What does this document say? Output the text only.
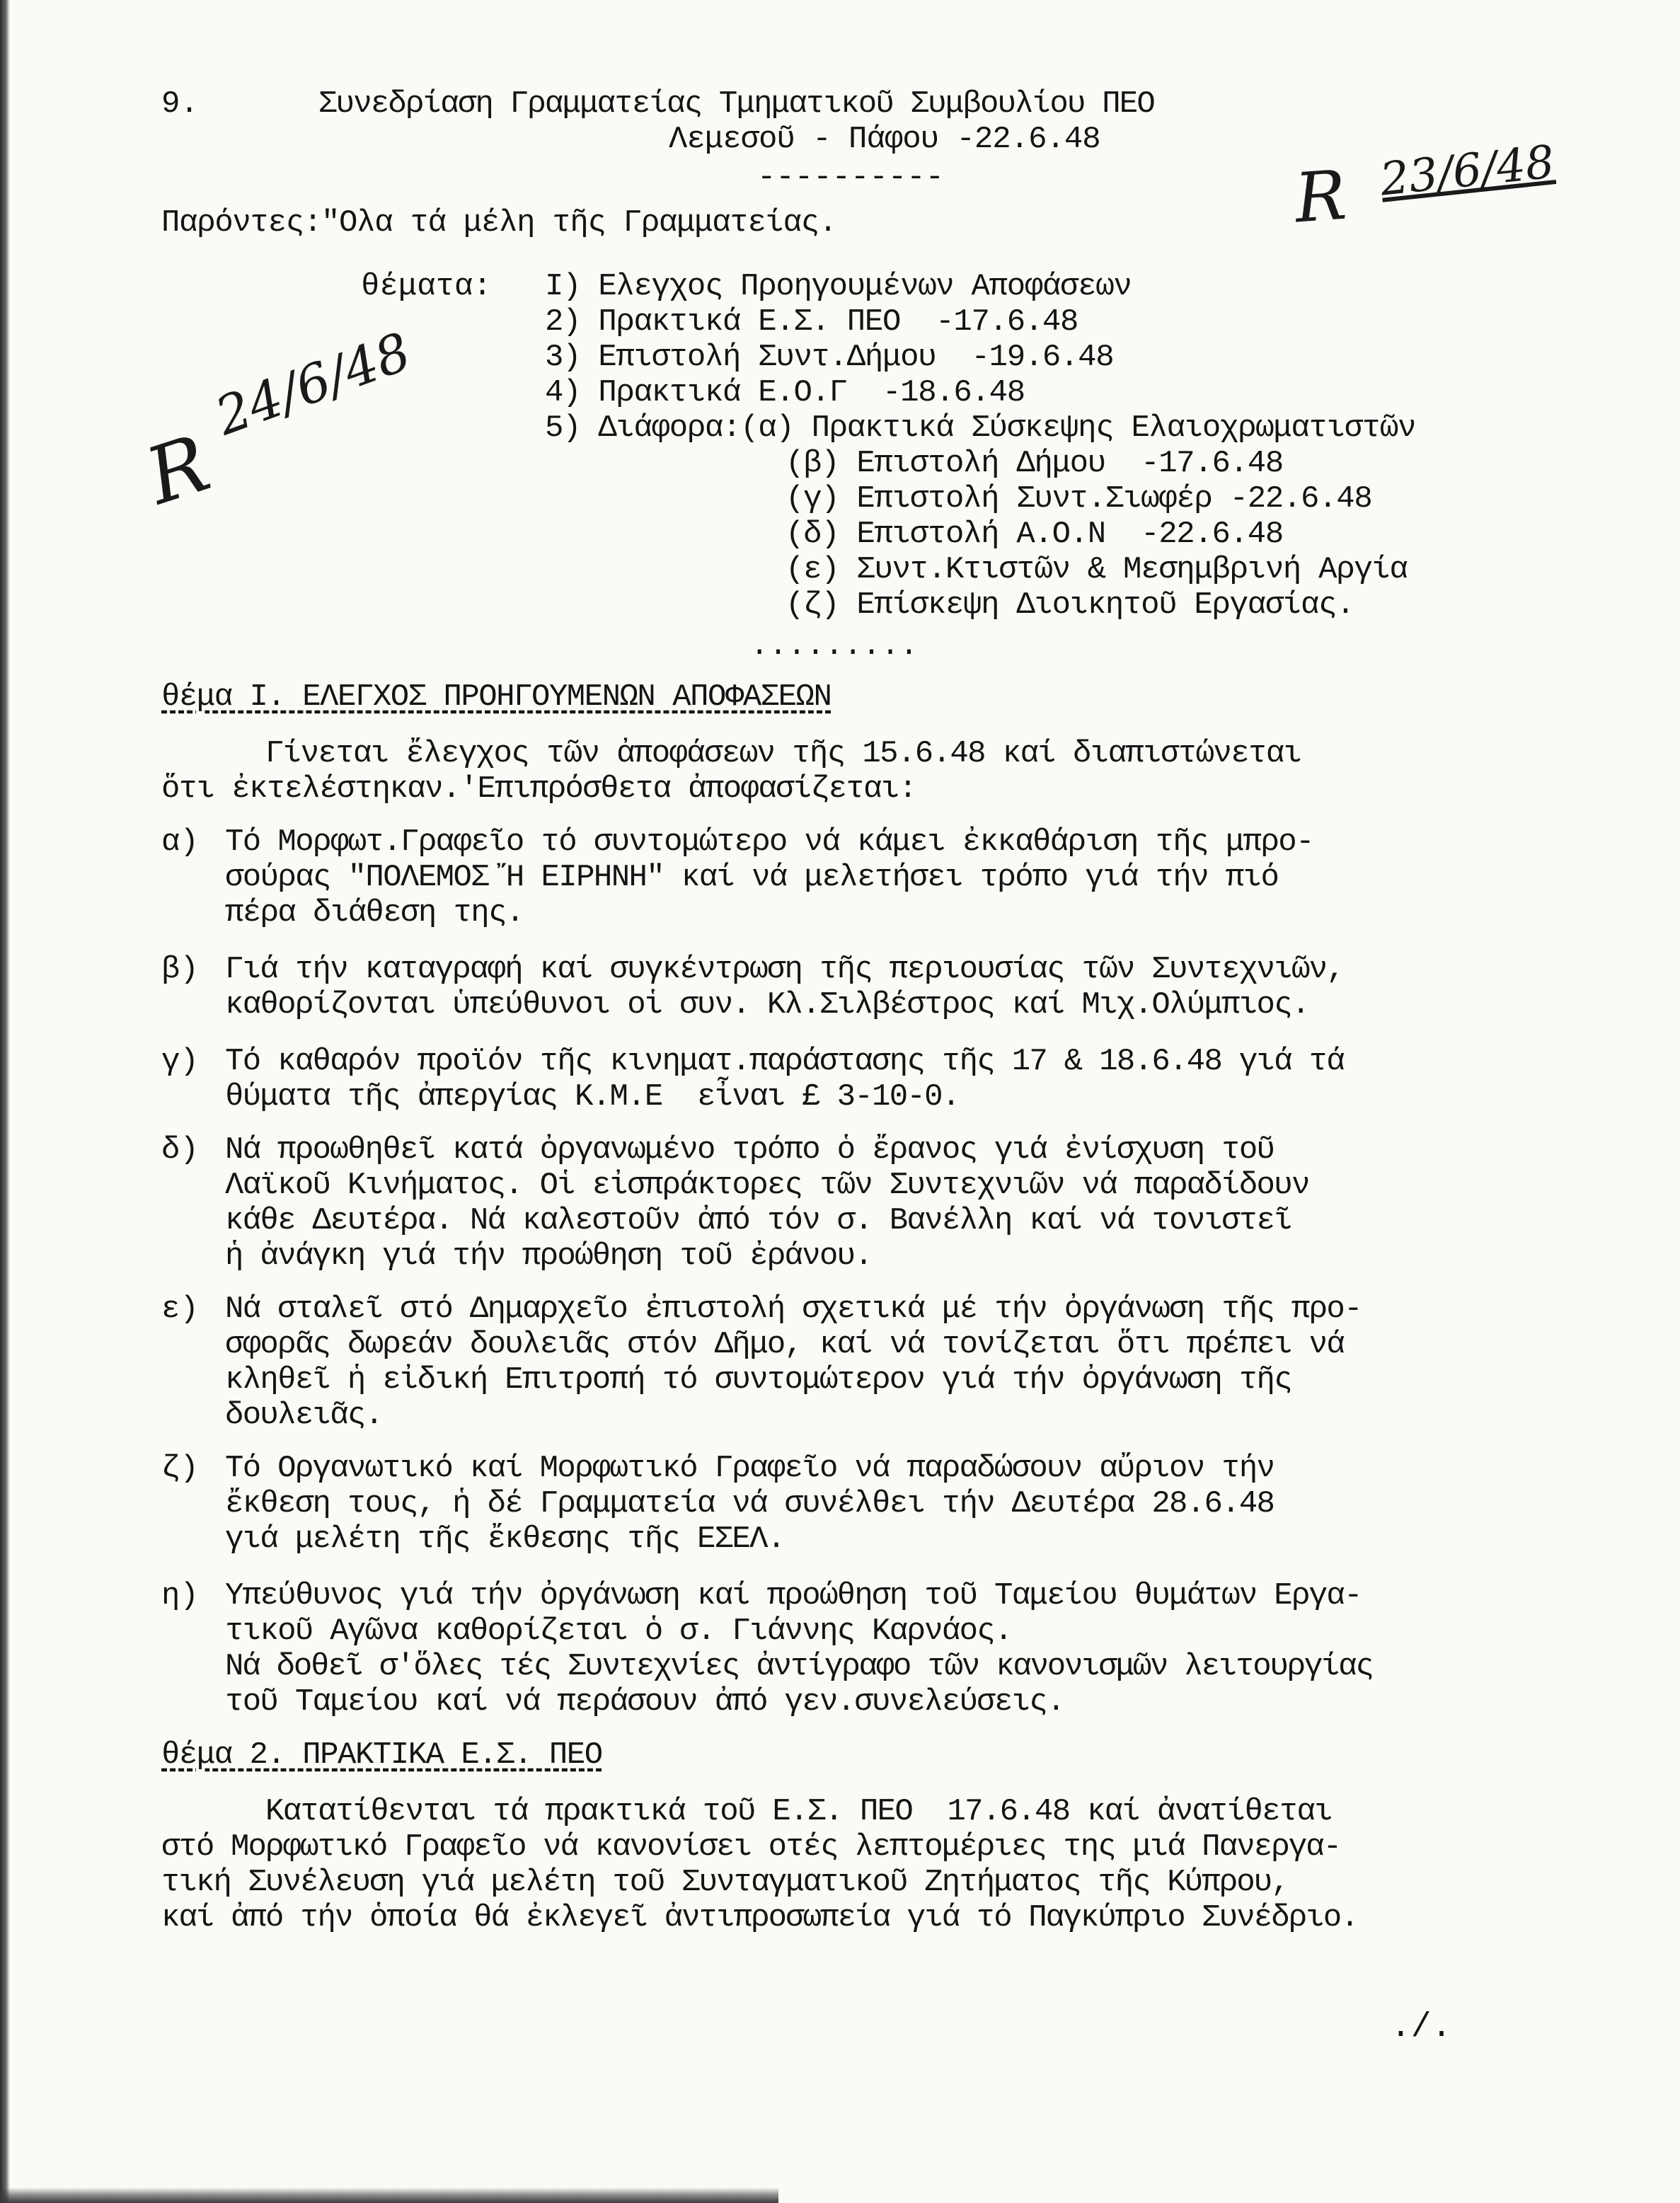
9.	Συνεδρίαση Γραμματείας Τμηματικοῦ Συμβουλίου ΠΕΟ
Λεμεσοῦ - Πάφου -22.6.48
----------	R 23/6/48
R
24/6/48
Παρόντες:"Ολα τά μέλη τῆς Γραμματείας.
θέματα: I) Ελεγχος Προηγουμένων Αποφάσεων
2) Πρακτικά Ε.Σ. ΠΕΟ  -17.6.48
3) Επιστολή Συντ.Δήμου  -19.6.48
4) Πρακτικά Ε.Ο.Γ  -18.6.48
5) Διάφορα:(α) Πρακτικά Σύσκεψης Ελαιοχρωματιστῶν
(β) Επιστολή Δήμου  -17.6.48
(γ) Επιστολή Συντ.Σιωφέρ -22.6.48
(δ) Επιστολή Α.Ο.Ν  -22.6.48
(ε) Συντ.Κτιστῶν & Μεσημβρινή Αργία
(ζ) Επίσκεψη Διοικητοῦ Εργασίας.
.........
θέμα I. ΕΛΕΓΧΟΣ ΠΡΟΗΓΟΥΜΕΝΩΝ ΑΠΟΦΑΣΕΩΝ
Γίνεται ἔλεγχος τῶν ἀποφάσεων τῆς 15.6.48 καί διαπιστώνεται
ὅτι ἐκτελέστηκαν.'Επιπρόσθετα ἀποφασίζεται:
α) Τό Μορφωτ.Γραφεῖο τό συντομώτερο νά κάμει ἐκκαθάριση τῆς μπρο-
σούρας "ΠΟΛΕΜΟΣ Ἤ ΕΙΡΗΝΗ" καί νά μελετήσει τρόπο γιά τήν πιό
πέρα διάθεση της.
β) Γιά τήν καταγραφή καί συγκέντρωση τῆς περιουσίας τῶν Συντεχνιῶν,
καθορίζονται ὑπεύθυνοι οἱ συν. Κλ.Σιλβέστρος καί Μιχ.Ολύμπιος.
γ) Τό καθαρόν προϊόν τῆς κινηματ.παράστασης τῆς 17 & 18.6.48 γιά τά
θύματα τῆς ἀπεργίας Κ.Μ.Ε  εἶναι £ 3-10-0.
δ) Νά προωθηθεῖ κατά ὀργανωμένο τρόπο ὁ ἔρανος γιά ἐνίσχυση τοῦ
Λαϊκοῦ Κινήματος. Οἱ εἰσπράκτορες τῶν Συντεχνιῶν νά παραδίδουν
κάθε Δευτέρα. Νά καλεστοῦν ἀπό τόν σ. Βανέλλη καί νά τονιστεῖ
ἡ ἀνάγκη γιά τήν προώθηση τοῦ ἐράνου.
ε) Νά σταλεῖ στό Δημαρχεῖο ἐπιστολή σχετικά μέ τήν ὀργάνωση τῆς προ-
σφορᾶς δωρεάν δουλειᾶς στόν Δῆμο, καί νά τονίζεται ὅτι πρέπει νά
κληθεῖ ἡ εἰδική Επιτροπή τό συντομώτερον γιά τήν ὀργάνωση τῆς
δουλειᾶς.
ζ) Τό Οργανωτικό καί Μορφωτικό Γραφεῖο νά παραδώσουν αὔριον τήν
ἔκθεση τους, ἡ δέ Γραμματεία νά συνέλθει τήν Δευτέρα 28.6.48
γιά μελέτη τῆς ἔκθεσης τῆς ΕΣΕΛ.
η) Υπεύθυνος γιά τήν ὀργάνωση καί προώθηση τοῦ Ταμείου θυμάτων Εργα-
τικοῦ Αγῶνα καθορίζεται ὁ σ. Γιάννης Καρνάος.
Νά δοθεῖ σ'ὅλες τές Συντεχνίες ἀντίγραφο τῶν κανονισμῶν λειτουργίας
τοῦ Ταμείου καί νά περάσουν ἀπό γεν.συνελεύσεις.
θέμα 2. ΠΡΑΚΤΙΚΑ Ε.Σ. ΠΕΟ
Κατατίθενται τά πρακτικά τοῦ Ε.Σ. ΠΕΟ  17.6.48 καί ἀνατίθεται
στό Μορφωτικό Γραφεῖο νά κανονίσει οτές λεπτομέριες της μιά Πανεργα-
τική Συνέλευση γιά μελέτη τοῦ Συνταγματικοῦ Ζητήματος τῆς Κύπρου,
καί ἀπό τήν ὁποία θά ἐκλεγεῖ ἀντιπροσωπεία γιά τό Παγκύπριο Συνέδριο.
./.
